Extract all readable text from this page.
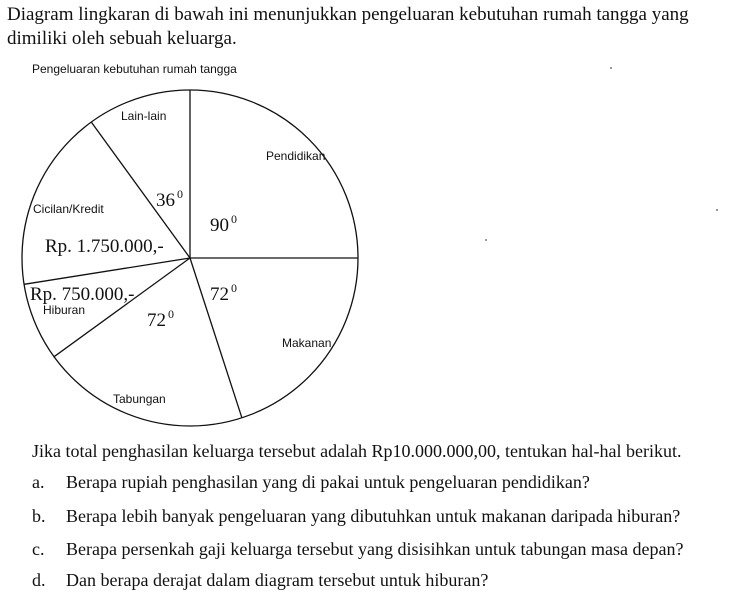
Diagram lingkaran di bawah ini menunjukkan pengeluaran kebutuhan rumah tangga yang dimiliki oleh sebuah keluarga.
Pengeluaran kebutuhan rumah tangga
Pendidikan
90 $^0$
Makanan
72 $^0$
Tabungan
72 $^0$
Hiburan
Rp. 750.000,-
Cicilan/Kredit
Rp. 1.750.000,-
Lain-lain
36 $^0$
Jika total penghasilan keluarga tersebut adalah Rp10.000.000,00, tentukan hal-hal berikut.
a. Berapa rupiah penghasilan yang di pakai untuk pengeluaran pendidikan?
b. Berapa lebih banyak pengeluaran yang dibutuhkan untuk makanan daripada hiburan?
c. Berapa persenkah gaji keluarga tersebut yang disisihkan untuk tabungan masa depan?
d. Dan berapa derajat dalam diagram tersebut untuk hiburan?
